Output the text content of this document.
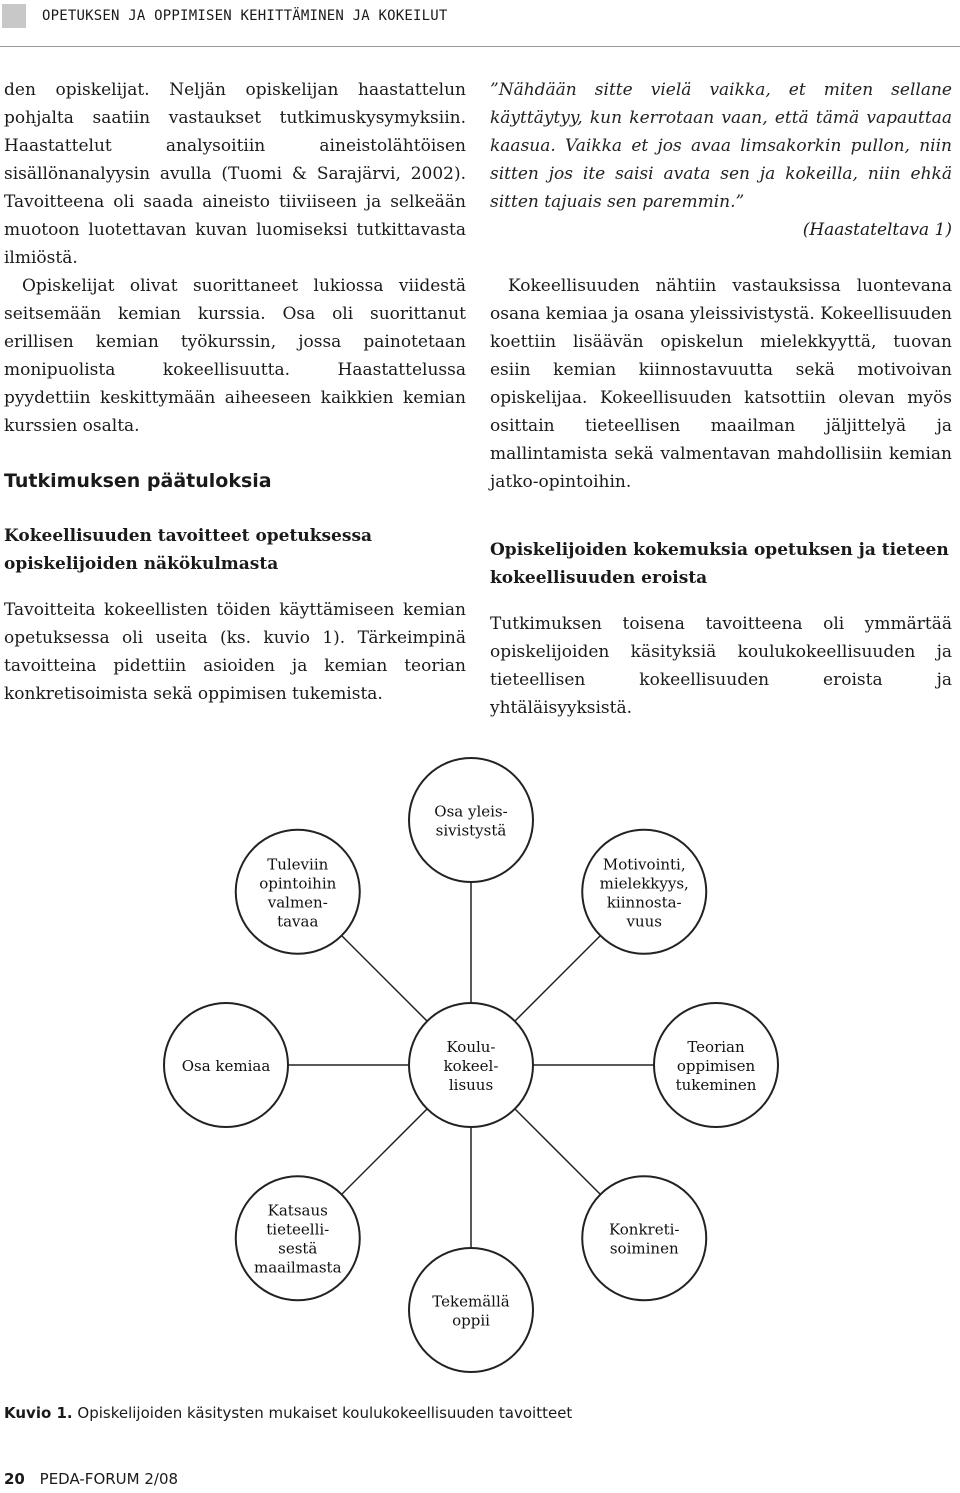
OPETUKSEN JA OPPIMISEN KEHITTÄMINEN JA KOKEILUT

den opiskelijat. Neljän opiskelijan haastattelun pohjalta saatiin vastaukset tutkimuskysymyksiin. Haastattelut analysoitiin aineistolähtöisen sisällönanalyysin avulla (Tuomi & Sarajärvi, 2002). Tavoitteena oli saada aineisto tiiviiseen ja selkeään muotoon luotettavan kuvan luomiseksi tutkittavasta ilmiöstä.

Opiskelijat olivat suorittaneet lukiossa viidestä seitsemään kemian kurssia. Osa oli suorittanut erillisen kemian työkurssin, jossa painotetaan monipuolista kokeellisuutta. Haastattelussa pyydettiin keskittymään aiheeseen kaikkien kemian kurssien osalta.

Tutkimuksen päätuloksia
Kokeellisuuden tavoitteet opetuksessa opiskelijoiden näkökulmasta

Tavoitteita kokeellisten töiden käyttämiseen kemian opetuksessa oli useita (ks. kuvio 1). Tärkeimpinä tavoitteina pidettiin asioiden ja kemian teorian konkretisoimista sekä oppimisen tukemista.

”Nähdään sitte vielä vaikka, et miten sellane käyttäytyy, kun kerrotaan vaan, että tämä vapauttaa kaasua. Vaikka et jos avaa limsakorkin pullon, niin sitten jos ite saisi avata sen ja kokeilla, niin ehkä sitten tajuais sen paremmin.”

(Haastateltava 1)

Kokeellisuuden nähtiin vastauksissa luontevana osana kemiaa ja osana yleissivistystä. Kokeellisuuden koettiin lisäävän opiskelun mielekkyyttä, tuovan esiin kemian kiinnostavuutta sekä motivoivan opiskelijaa. Kokeellisuuden katsottiin olevan myös osittain tieteellisen maailman jäljittelyä ja mallintamista sekä valmentavan mahdollisiin kemian jatko-opintoihin.

Opiskelijoiden kokemuksia opetuksen ja tieteen kokeellisuuden eroista

Tutkimuksen toisena tavoitteena oli ymmärtää opiskelijoiden käsityksiä koulukokeellisuuden ja tieteellisen kokeellisuuden eroista ja yhtäläisyyksistä.

Koulu-
kokeel-
lisuus
Osa yleis-
sivistystä
Motivointi,
mielekkyys,
kiinnosta-
vuus
Teorian
oppimisen
tukeminen
Konkreti-
soiminen
Tekemällä
oppii
Katsaus
tieteelli-
sestä
maailmasta
Osa kemiaa
Tuleviin
opintoihin
valmen-
tavaa
Kuvio 1. Opiskelijoiden käsitysten mukaiset koulukokeellisuuden tavoitteet
20 PEDA-FORUM 2/08
